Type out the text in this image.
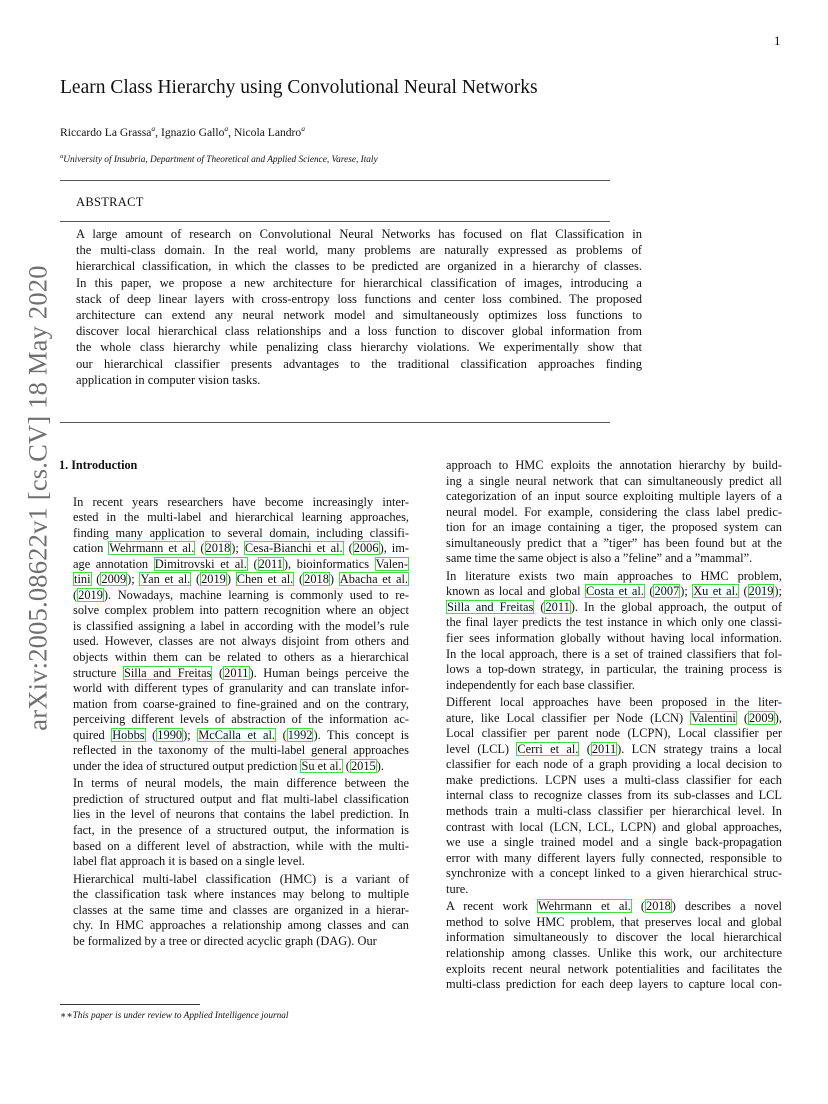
1
arXiv:2005.08622v1 [cs.CV] 18 May 2020
Learn Class Hierarchy using Convolutional Neural Networks
Riccardo La Grassa$^a$, Ignazio Gallo$^a$, Nicola Landro$^a$
$^a$University of Insubria, Department of Theoretical and Applied Science, Varese, Italy
ABSTRACT
A large amount of research on Convolutional Neural Networks has focused on flat Classification in
the multi-class domain. In the real world, many problems are naturally expressed as problems of
hierarchical classification, in which the classes to be predicted are organized in a hierarchy of classes.
In this paper, we propose a new architecture for hierarchical classification of images, introducing a
stack of deep linear layers with cross-entropy loss functions and center loss combined. The proposed
architecture can extend any neural network model and simultaneously optimizes loss functions to
discover local hierarchical class relationships and a loss function to discover global information from
the whole class hierarchy while penalizing class hierarchy violations. We experimentally show that
our hierarchical classifier presents advantages to the traditional classification approaches finding
application in computer vision tasks.
1. Introduction
In recent years researchers have become increasingly inter-
ested in the multi-label and hierarchical learning approaches,
finding many application to several domain, including classifi-
cation Wehrmann et al. (2018); Cesa-Bianchi et al. (2006), im-
age annotation Dimitrovski et al. (2011), bioinformatics Valen-
tini (2009); Yan et al. (2019) Chen et al. (2018) Abacha et al.
(2019). Nowadays, machine learning is commonly used to re-
solve complex problem into pattern recognition where an object
is classified assigning a label in according with the model’s rule
used. However, classes are not always disjoint from others and
objects within them can be related to others as a hierarchical
structure Silla and Freitas (2011). Human beings perceive the
world with different types of granularity and can translate infor-
mation from coarse-grained to fine-grained and on the contrary,
perceiving different levels of abstraction of the information ac-
quired Hobbs (1990); McCalla et al. (1992). This concept is
reflected in the taxonomy of the multi-label general approaches
under the idea of structured output prediction Su et al. (2015).
In terms of neural models, the main difference between the
prediction of structured output and flat multi-label classification
lies in the level of neurons that contains the label prediction. In
fact, in the presence of a structured output, the information is
based on a different level of abstraction, while with the multi-
label flat approach it is based on a single level.
Hierarchical multi-label classification (HMC) is a variant of
the classification task where instances may belong to multiple
classes at the same time and classes are organized in a hierar-
chy. In HMC approaches a relationship among classes and can
be formalized by a tree or directed acyclic graph (DAG). Our
approach to HMC exploits the annotation hierarchy by build-
ing a single neural network that can simultaneously predict all
categorization of an input source exploiting multiple layers of a
neural model. For example, considering the class label predic-
tion for an image containing a tiger, the proposed system can
simultaneously predict that a ”tiger” has been found but at the
same time the same object is also a ”feline” and a ”mammal”.
In literature exists two main approaches to HMC problem,
known as local and global Costa et al. (2007); Xu et al. (2019);
Silla and Freitas (2011). In the global approach, the output of
the final layer predicts the test instance in which only one classi-
fier sees information globally without having local information.
In the local approach, there is a set of trained classifiers that fol-
lows a top-down strategy, in particular, the training process is
independently for each base classifier.
Different local approaches have been proposed in the liter-
ature, like Local classifier per Node (LCN) Valentini (2009),
Local classifier per parent node (LCPN), Local classifier per
level (LCL) Cerri et al. (2011). LCN strategy trains a local
classifier for each node of a graph providing a local decision to
make predictions. LCPN uses a multi-class classifier for each
internal class to recognize classes from its sub-classes and LCL
methods train a multi-class classifier per hierarchical level. In
contrast with local (LCN, LCL, LCPN) and global approaches,
we use a single trained model and a single back-propagation
error with many different layers fully connected, responsible to
synchronize with a concept linked to a given hierarchical struc-
ture.
A recent work Wehrmann et al. (2018) describes a novel
method to solve HMC problem, that preserves local and global
information simultaneously to discover the local hierarchical
relationship among classes. Unlike this work, our architecture
exploits recent neural network potentialities and facilitates the
multi-class prediction for each deep layers to capture local con-
∗∗This paper is under review to Applied Intelligence journal
